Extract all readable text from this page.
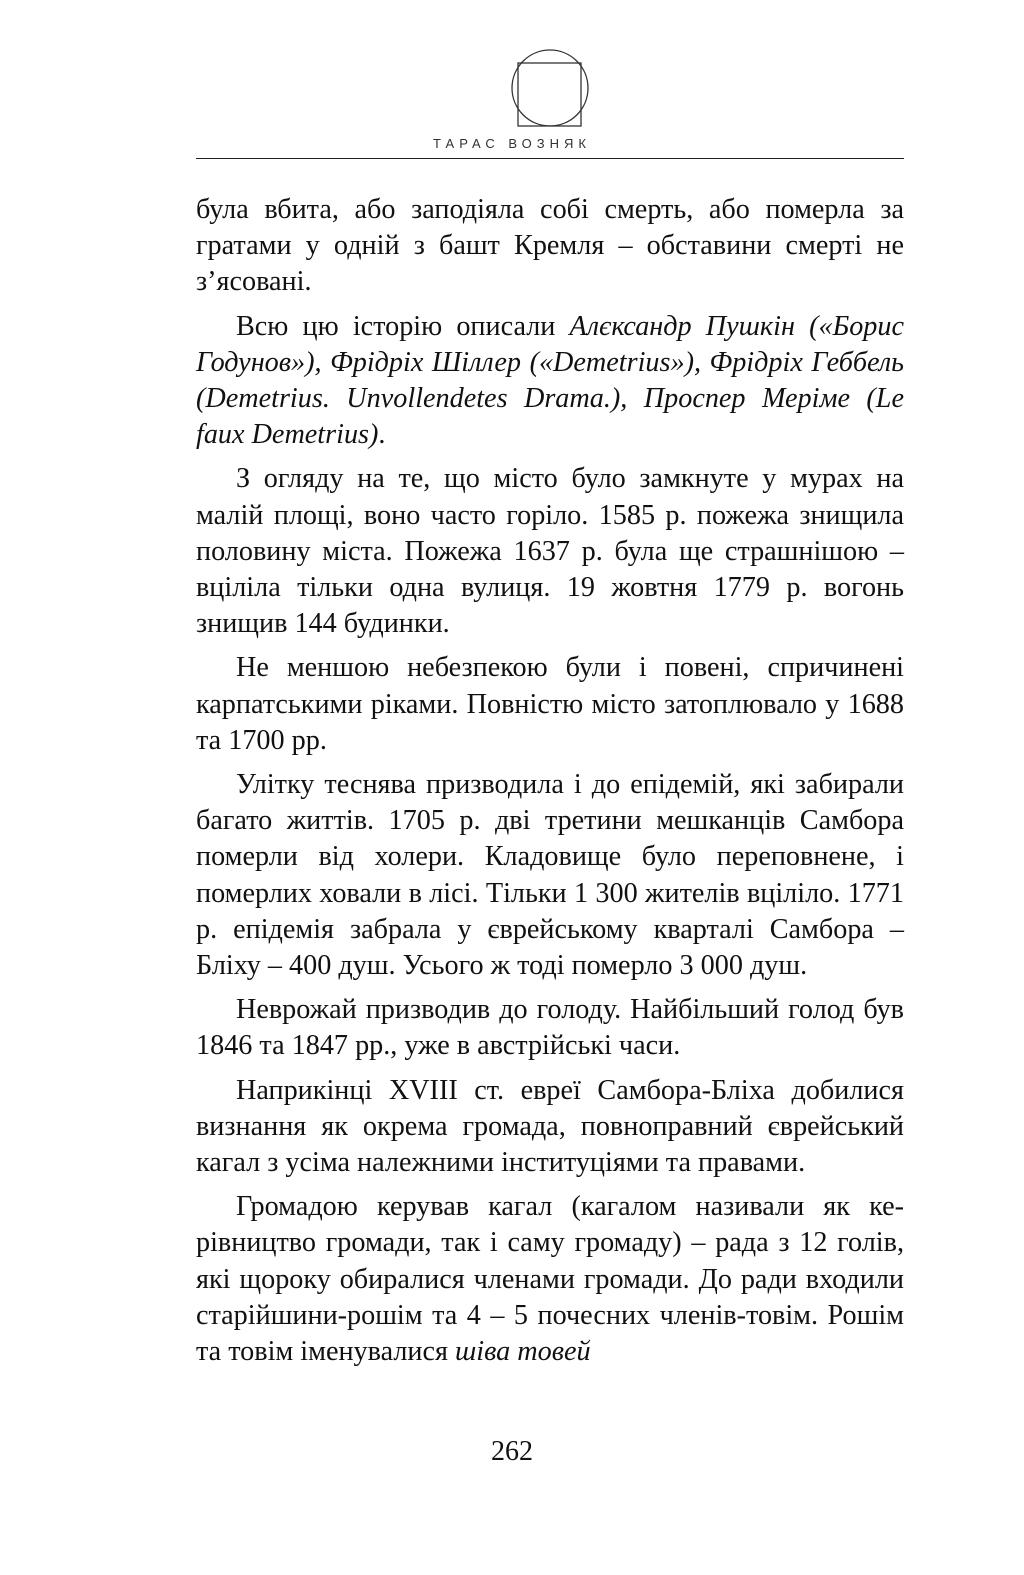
ТАРАС ВОЗНЯК

була вбита, або заподіяла собі смерть, або померла за гратами у одній з башт Кремля – обставини смерті не з’ясовані.

Всю цю історію описали Алєксандр Пушкін («Борис Годунов»), Фрідріх Шіллер («Demetrius»), Фрідріх Геббель (Demetrius. Unvollendetes Drama.), Проспер Меріме (Le faux Demetrius).

З огляду на те, що місто було замкнуте у мурах на малій площі, воно часто горіло. 1585 р. пожежа знищила половину міста. Пожежа 1637 р. була ще страшнішою – вціліла тільки одна вулиця. 19 жовтня 1779 р. вогонь знищив 144 будинки.

Не меншою небезпекою були і повені, спричинені карпатськими ріками. Повністю місто затоплювало у 1688 та 1700 рр.

Улітку теснява призводила і до епідемій, які забирали багато життів. 1705 р. дві третини мешканців Самбора померли від холери. Кладовище було переповнене, і померлих ховали в лісі. Тільки 1 300 жителів вціліло. 1771 р. епідемія забрала у єврейському кварталі Самбора – Бліху – 400 душ. Усього ж тоді померло 3 000 душ.

Неврожай призводив до голоду. Найбільший голод був 1846 та 1847 рр., уже в австрійські часи.

Наприкінці XVIII ст. евреї Самбора-Бліха добилися визнання як окрема громада, повноправний єврейський кагал з усіма належними інституціями та правами.

Громадою керував кагал (кагалом називали як керівництво громади, так і саму громаду) – рада з 12 голів, які щороку обиралися членами громади. До ради входили старійшини-рошім та 4 – 5 почесних членів-товім. Рошім та товім іменувалися шіва товей

262
